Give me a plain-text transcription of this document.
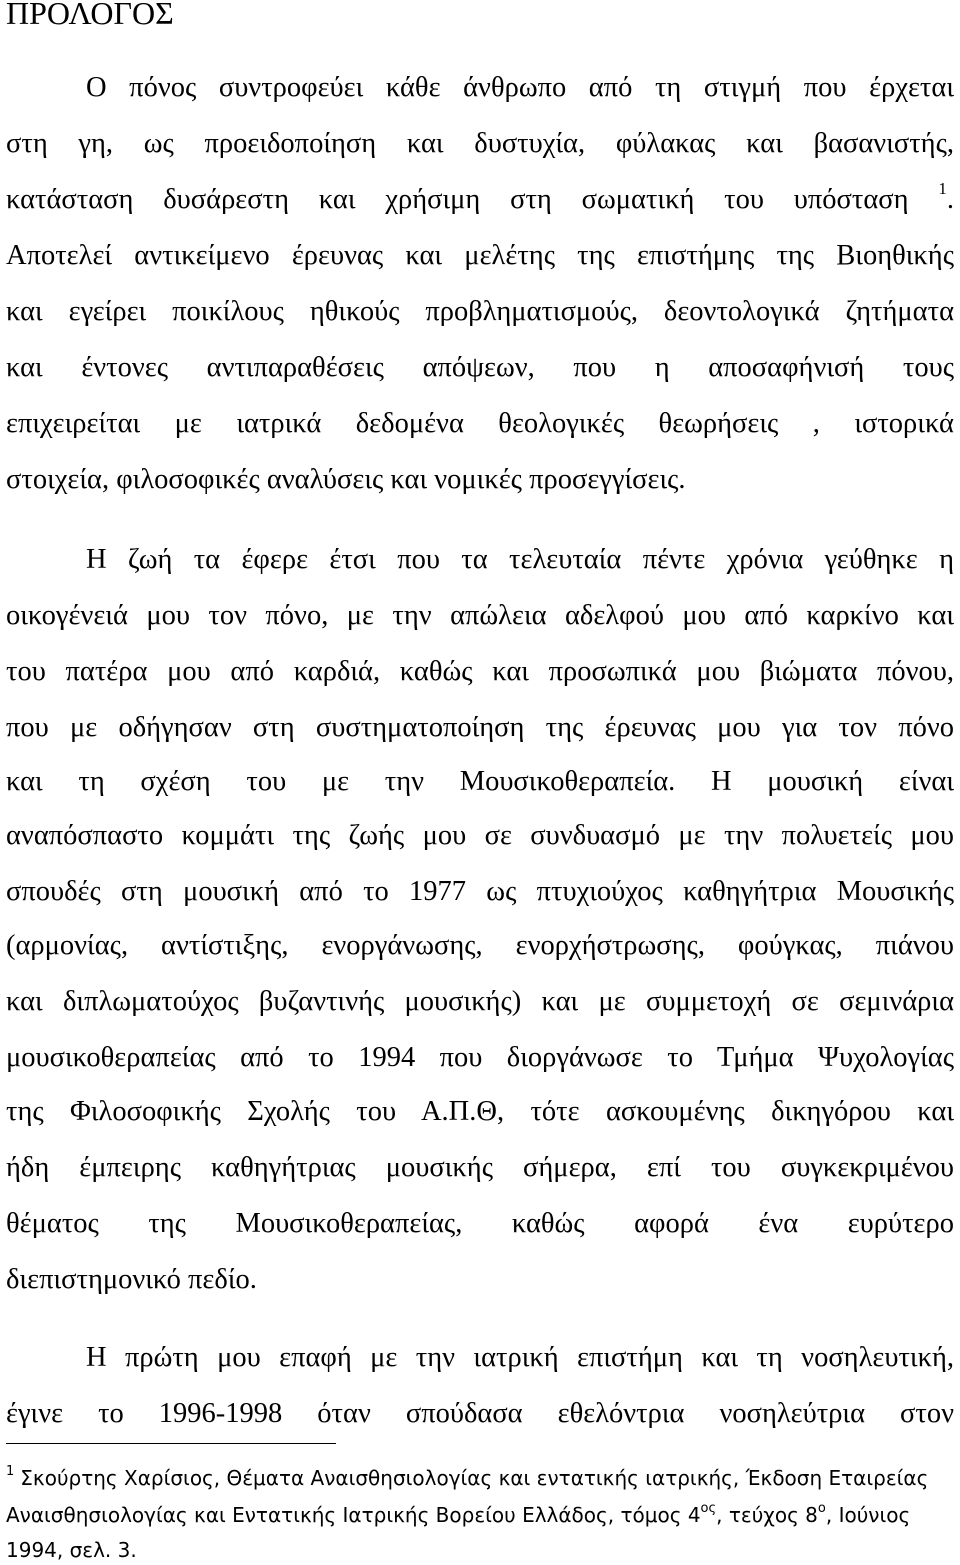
ΠΡΟΛΟΓΟΣ
Ο πόνος συντροφεύει κάθε άνθρωπο από τη στιγμή που έρχεται
στη γη, ως προειδοποίηση και δυστυχία, φύλακας και βασανιστής,
κατάσταση δυσάρεστη και χρήσιμη στη σωματική του υπόσταση $^1$.
Αποτελεί αντικείμενο έρευνας και μελέτης της επιστήμης της Βιοηθικής
και εγείρει ποικίλους ηθικούς προβληματισμούς, δεοντολογικά ζητήματα
και έντονες αντιπαραθέσεις απόψεων, που η αποσαφήνισή τους
επιχειρείται με ιατρικά δεδομένα θεολογικές θεωρήσεις , ιστορικά
στοιχεία, φιλοσοφικές αναλύσεις και νομικές προσεγγίσεις.
Η ζωή τα έφερε έτσι που τα τελευταία πέντε χρόνια γεύθηκε η
οικογένειά μου τον πόνο, με την απώλεια αδελφού μου από καρκίνο και
του πατέρα μου από καρδιά, καθώς και προσωπικά μου βιώματα πόνου,
που με οδήγησαν στη συστηματοποίηση της έρευνας μου για τον πόνο
και τη σχέση του με την Μουσικοθεραπεία. Η μουσική είναι
αναπόσπαστο κομμάτι της ζωής μου σε συνδυασμό με την πολυετείς μου
σπουδές στη μουσική από το 1977 ως πτυχιούχος καθηγήτρια Μουσικής
(αρμονίας, αντίστιξης, ενοργάνωσης, ενορχήστρωσης, φούγκας, πιάνου
και διπλωματούχος βυζαντινής μουσικής) και με συμμετοχή σε σεμινάρια
μουσικοθεραπείας από το 1994 που διοργάνωσε το Τμήμα Ψυχολογίας
της Φιλοσοφικής Σχολής του Α.Π.Θ, τότε ασκουμένης δικηγόρου και
ήδη έμπειρης καθηγήτριας μουσικής σήμερα, επί του συγκεκριμένου
θέματος της Μουσικοθεραπείας, καθώς αφορά ένα ευρύτερο
διεπιστημονικό πεδίο.
Η πρώτη μου επαφή με την ιατρική επιστήμη και τη νοσηλευτική,
έγινε το 1996-1998 όταν σπούδασα εθελόντρια νοσηλεύτρια στον
$^1$ Σκούρτης Χαρίσιος, Θέματα Αναισθησιολογίας και εντατικής ιατρικής, Έκδοση Εταιρείας
Αναισθησιολογίας και Εντατικής Ιατρικής Βορείου Ελλάδος, τόμος $4^{o\varsigma}$, τεύχος $8^o$, Ιούνιος
1994, σελ. 3.
